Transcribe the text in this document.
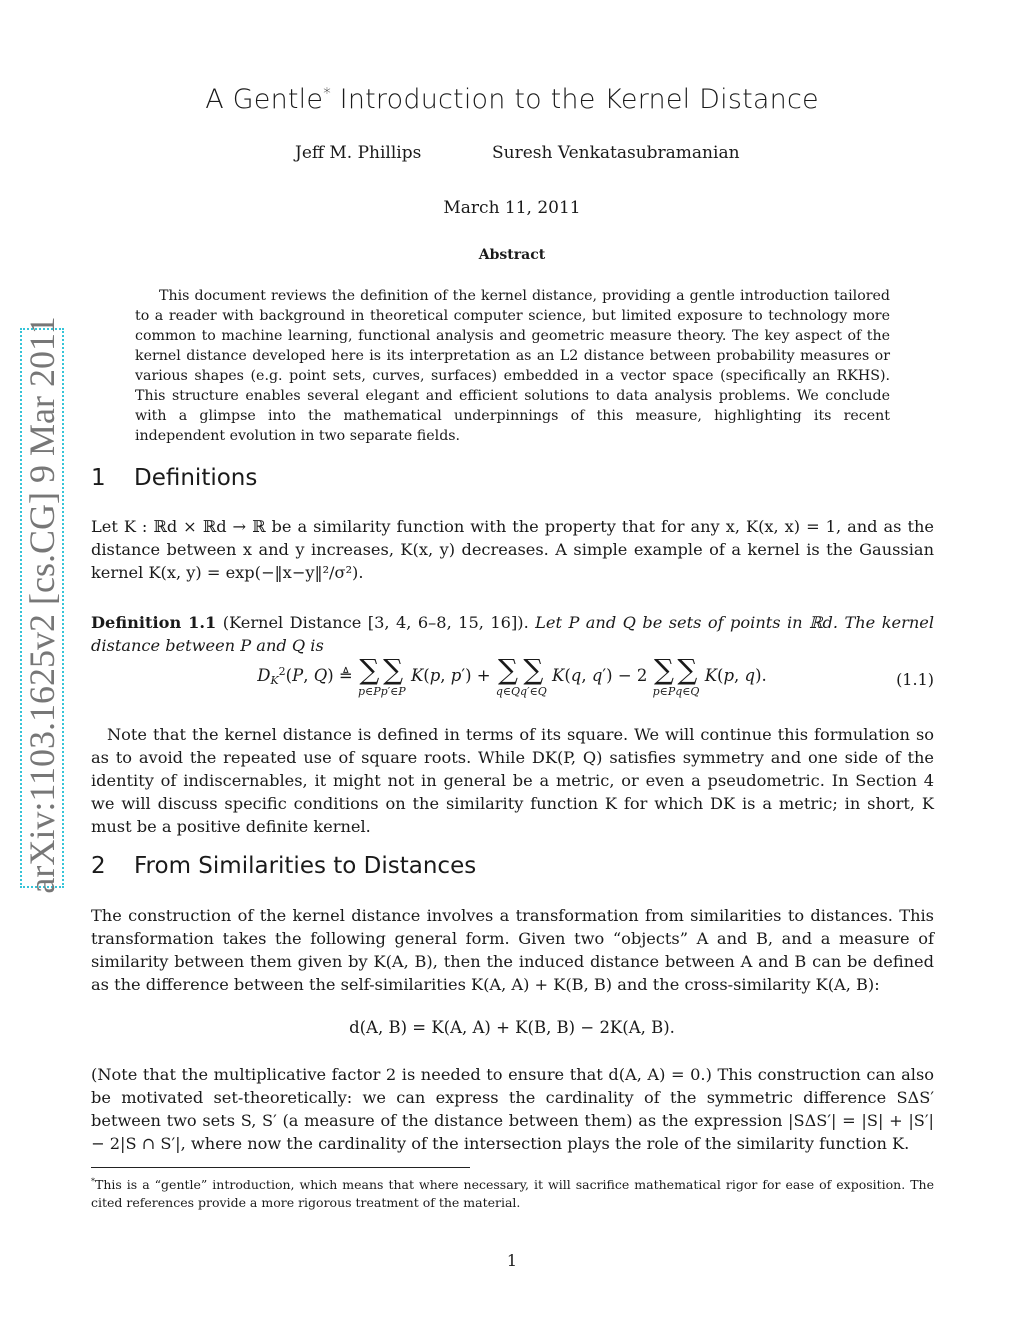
arXiv:1103.1625v2 [cs.CG] 9 Mar 2011
A Gentle* Introduction to the Kernel Distance
Jeff M. Phillips	Suresh Venkatasubramanian
March 11, 2011
Abstract
This document reviews the definition of the kernel distance, providing a gentle introduction tailored to a reader with background in theoretical computer science, but limited exposure to technology more common to machine learning, functional analysis and geometric measure theory. The key aspect of the kernel distance developed here is its interpretation as an L2 distance between probability measures or various shapes (e.g. point sets, curves, surfaces) embedded in a vector space (specifically an RKHS). This structure enables several elegant and efficient solutions to data analysis problems. We conclude with a glimpse into the mathematical underpinnings of this measure, highlighting its recent independent evolution in two separate fields.
1 Definitions
Let K : ℝd × ℝd → ℝ be a similarity function with the property that for any x, K(x, x) = 1, and as the distance between x and y increases, K(x, y) decreases. A simple example of a kernel is the Gaussian kernel K(x, y) = exp(−‖x−y‖²/σ²).
Definition 1.1 (Kernel Distance [3, 4, 6–8, 15, 16]). Let P and Q be sets of points in ℝd. The kernel distance between P and Q is
$D_K^2(P$, Q) ≜ ∑
p∈P
∑
p′∈P
K(p, p′) + ∑
q∈Q
∑
q′∈Q
K(q, q′) − 2 ∑
p∈P
∑
q∈Q
K(p, q).	(1.1)
Note that the kernel distance is defined in terms of its square. We will continue this formulation so as to avoid the repeated use of square roots. While DK(P, Q) satisfies symmetry and one side of the identity of indiscernables, it might not in general be a metric, or even a pseudometric. In Section 4 we will discuss specific conditions on the similarity function K for which DK is a metric; in short, K must be a positive definite kernel.
2 From Similarities to Distances
The construction of the kernel distance involves a transformation from similarities to distances. This transformation takes the following general form. Given two “objects” A and B, and a measure of similarity between them given by K(A, B), then the induced distance between A and B can be defined as the difference between the self-similarities K(A, A) + K(B, B) and the cross-similarity K(A, B):
d(A, B) = K(A, A) + K(B, B) − 2K(A, B).
(Note that the multiplicative factor 2 is needed to ensure that d(A, A) = 0.) This construction can also be motivated set-theoretically: we can express the cardinality of the symmetric difference SΔS′ between two sets S, S′ (a measure of the distance between them) as the expression |SΔS′| = |S| + |S′| − 2|S ∩ S′|, where now the cardinality of the intersection plays the role of the similarity function K.
*This is a “gentle” introduction, which means that where necessary, it will sacrifice mathematical rigor for ease of exposition. The cited references provide a more rigorous treatment of the material.
1
